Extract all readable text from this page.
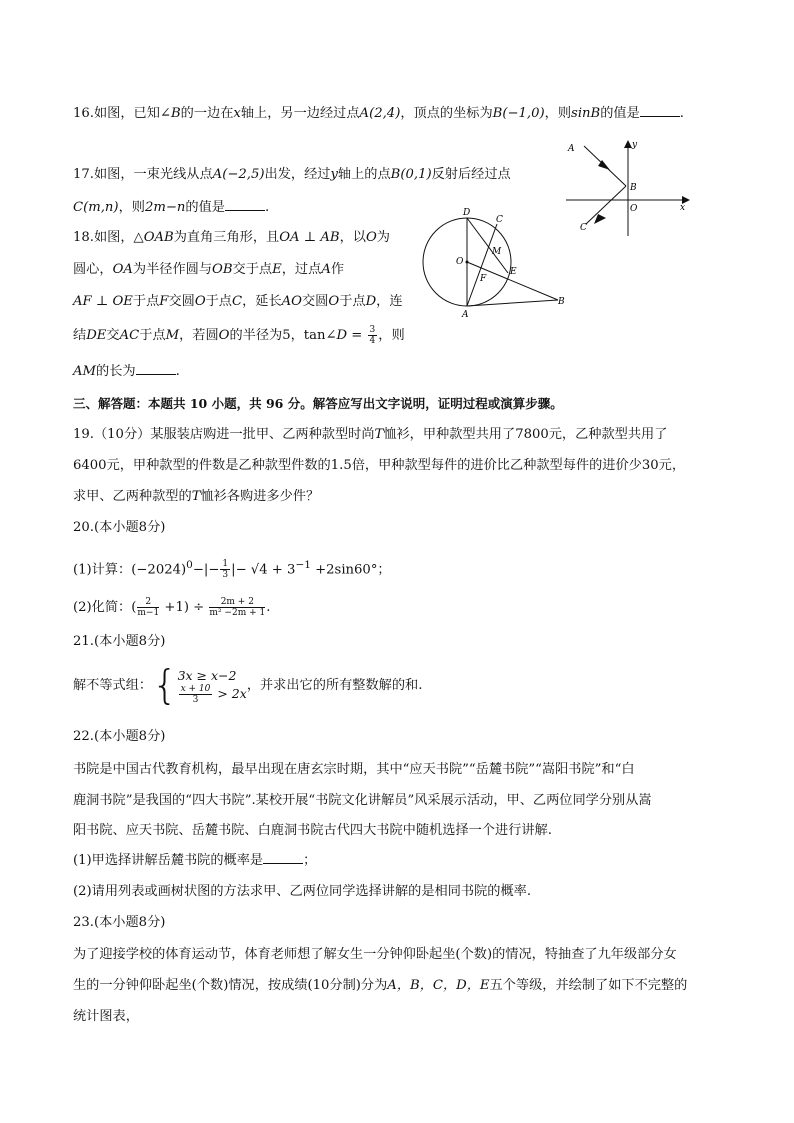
16.如图，已知∠B的一边在x轴上，另一边经过点A(2,4)，顶点的坐标为B(−1,0)，则sinB的值是	.
17.如图，一束光线从点A(−2,5)出发，经过y轴上的点B(0,1)反射后经过点
C(m,n)，则2m−n的值是	.
A
B
C
O	x
y
18.如图，△OAB为直角三角形，且OA ⊥ AB，以O为
圆心，OA为半径作圆与OB交于点E，过点A作
AF ⊥ OE于点F交圆O于点C，延长AO交圆O于点D，连
结DE交AC于点M，若圆O的半径为5，tan∠D = $\frac{3}{4}$ ，则
AM的长为	.
D
C
M
O
F
E
A
B
三、解答题：本题共 10 小题，共 96 分。解答应写出文字说明，证明过程或演算步骤。
19.（10分）某服装店购进一批甲、乙两种款型时尚T恤衫，甲种款型共用了7800元，乙种款型共用了
6400元，甲种款型的件数是乙种款型件数的1.5倍，甲种款型每件的进价比乙种款型每件的进价少30元，
求甲、乙两种款型的T恤衫各购进多少件？
20.(本小题8分)
(1)计算：$(-2024)^0-|- \frac{1}{3}$ |− $√4 + 3^{-1} +2\sin 60^\circ$；
(2)化简：( $\frac{2}{m-1} +1) \div \frac{2m + 2}{\text{m² −2m + 1}}$ .
21.(本小题8分)
解不等式组：{ 3x ≥ x−2
$\frac{x + 10}{3} > 2x$ ，并求出它的所有整数解的和.
22.(本小题8分)
书院是中国古代教育机构，最早出现在唐玄宗时期，其中“应天书院”“岳麓书院”“嵩阳书院”和“白
鹿洞书院”是我国的“四大书院”.某校开展“书院文化讲解员”风采展示活动，甲、乙两位同学分别从嵩
阳书院、应天书院、岳麓书院、白鹿洞书院古代四大书院中随机选择一个进行讲解.
(1)甲选择讲解岳麓书院的概率是	；
(2)请用列表或画树状图的方法求甲、乙两位同学选择讲解的是相同书院的概率.
23.(本小题8分)
为了迎接学校的体育运动节，体育老师想了解女生一分钟仰卧起坐(个数)的情况，特抽查了九年级部分女
生的一分钟仰卧起坐(个数)情况，按成绩(10分制)分为A，B，C，D，E五个等级，并绘制了如下不完整的
统计图表，
